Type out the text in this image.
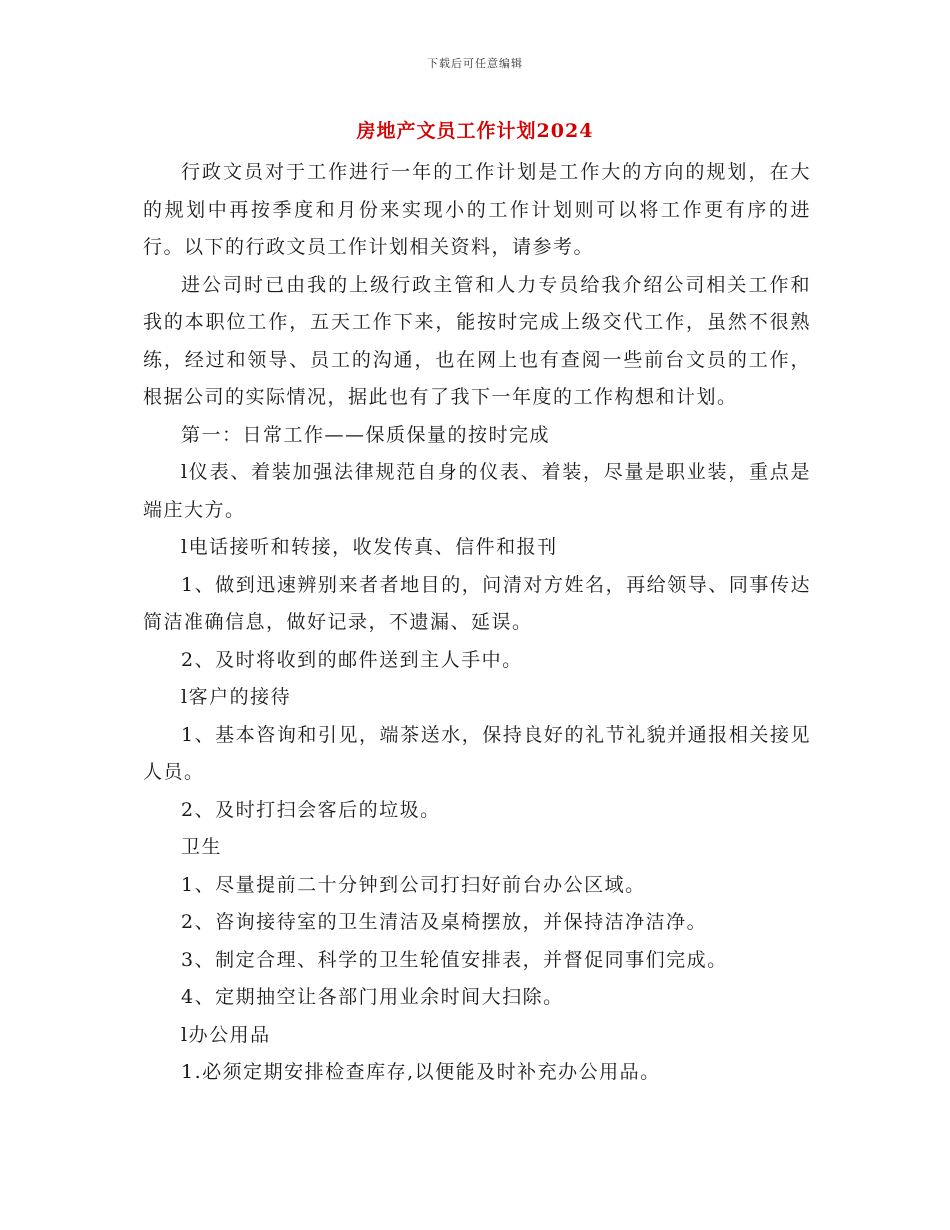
下载后可任意编辑
房地产文员工作计划2024

行政文员对于工作进行一年的工作计划是工作大的方向的规划，在大的规划中再按季度和月份来实现小的工作计划则可以将工作更有序的进行。以下的行政文员工作计划相关资料，请参考。

进公司时已由我的上级行政主管和人力专员给我介绍公司相关工作和我的本职位工作，五天工作下来，能按时完成上级交代工作，虽然不很熟练，经过和领导、员工的沟通，也在网上也有查阅一些前台文员的工作，根据公司的实际情况，据此也有了我下一年度的工作构想和计划。

第一：日常工作——保质保量的按时完成

l仪表、着装加强法律规范自身的仪表、着装，尽量是职业装，重点是端庄大方。

l电话接听和转接，收发传真、信件和报刊

1、做到迅速辨别来者者地目的，问清对方姓名，再给领导、同事传达简洁准确信息，做好记录，不遗漏、延误。

2、及时将收到的邮件送到主人手中。

l客户的接待

1、基本咨询和引见，端茶送水，保持良好的礼节礼貌并通报相关接见人员。

2、及时打扫会客后的垃圾。

卫生

1、尽量提前二十分钟到公司打扫好前台办公区域。

2、咨询接待室的卫生清洁及桌椅摆放，并保持洁净洁净。

3、制定合理、科学的卫生轮值安排表，并督促同事们完成。

4、定期抽空让各部门用业余时间大扫除。

l办公用品

1.必须定期安排检查库存,以便能及时补充办公用品。
